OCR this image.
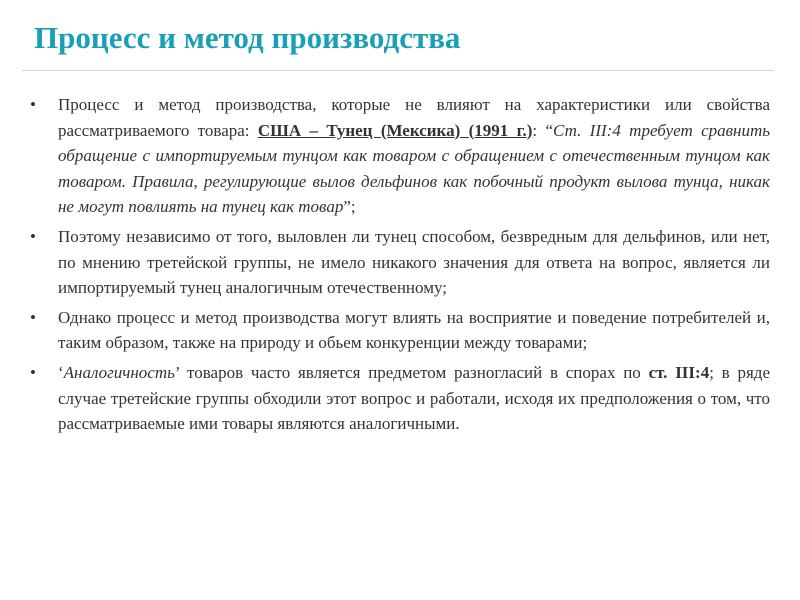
Процесс и метод производства
•	Процесс и метод производства, которые не влияют на характеристики или свойства рассматриваемого товара: США – Тунец (Мексика) (1991 г.): “Ст. III:4 требует сравнить обращение с импортируемым тунцом как товаром с обращением с отечественным тунцом как товаром. Правила, регулирующие вылов дельфинов как побочный продукт вылова тунца, никак не могут повлиять на тунец как товар”;
•	Поэтому независимо от того, выловлен ли тунец способом, безвредным для дельфинов, или нет, по мнению третейской группы, не имело никакого значения для ответа на вопрос, является ли импортируемый тунец аналогичным отечественному;
•	Однако процесс и метод производства могут влиять на восприятие и поведение потребителей и, таким образом, также на природу и обьем конкуренции между товарами;
•	‘Аналогичность’ товаров часто является предметом разногласий в спорах по ст. III:4; в ряде случае третейские группы обходили этот вопрос и работали, исходя их предположения о том, что рассматриваемые ими товары являются аналогичными.
